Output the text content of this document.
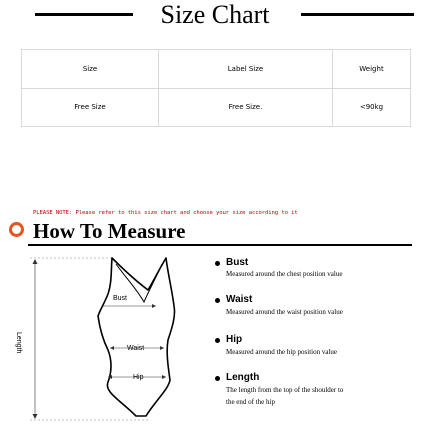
Size Chart
Size	Label Size	Weight
Free Size	Free Size.	<90kg
PLEASE NOTE: Please refer to this size chart and choose your size according to it
How To Measure
Bust
Waist
Hip
Length
Bust
Measured around the chest position value
Waist
Measured around the waist position value
Hip
Measured around the hip position value
Length
The length from the top of the shoulder to
the end of the hip
